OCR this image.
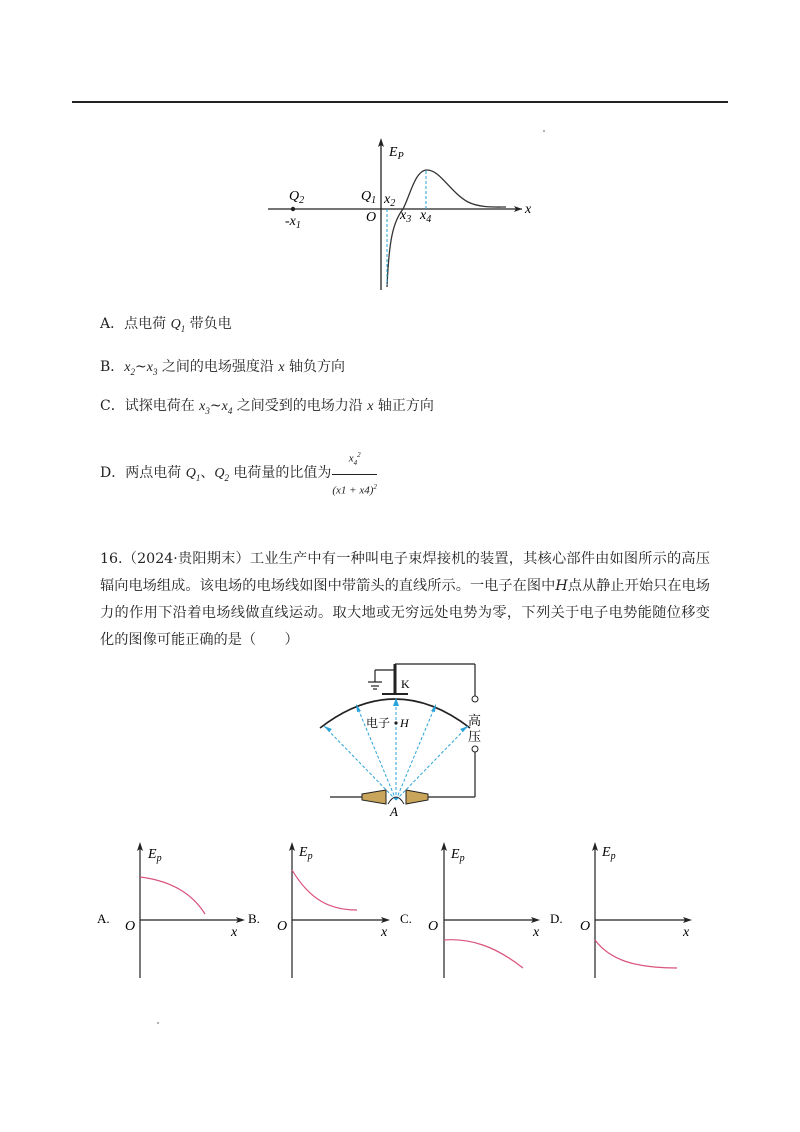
$E_P$
x
$Q_2$
$-x_1$
$Q_1$
O
$x_2$
$x_3$ $x_4$
A．点电荷 $Q_1$ 带负电
B．$x_2\sim x_3$ 之间的电场强度沿 x 轴负方向
C．试探电荷在 $x_3\sim x_4$ 之间受到的电场力沿 x 轴正方向
D．两点电荷 $Q_1$、$Q_2$ 电荷量的比值为 $\frac{x_4^2}{(x1 + x4)^2}$
16.（2024·贵阳期末）工业生产中有一种叫电子束焊接机的装置，其核心部件由如图所示的高压辐向电场组成。该电场的电场线如图中带箭头的直线所示。一电子在图中H点从静止开始只在电场力的作用下沿着电场线做直线运动。取大地或无穷远处电势为零，下列关于电子电势能随位移变化的图像可能正确的是（　　）
电子 H
K
高
压
A
A.
$E_p$
O	x
B.
$E_p$
O	x
C.
$E_p$
O	x
D.
$E_p$
O	x
